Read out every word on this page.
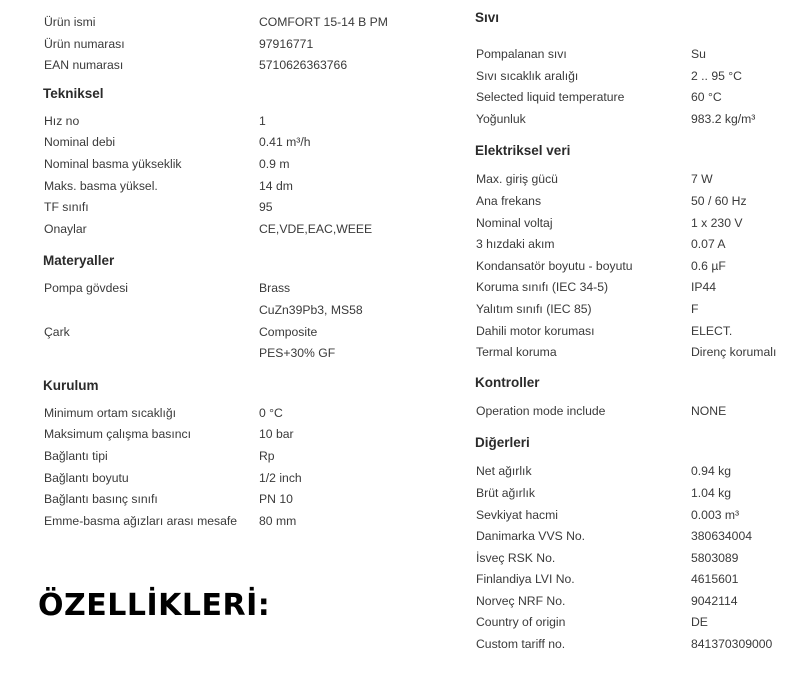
Ürün ismi	COMFORT 15-14 B PM
Ürün numarası	97916771
EAN numarası	5710626363766
Tekniksel
Hız no	1
Nominal debi	0.41 m³/h
Nominal basma yükseklik	0.9 m
Maks. basma yüksel.	14 dm
TF sınıfı	95
Onaylar	CE,VDE,EAC,WEEE
Materyaller
Pompa gövdesi	Brass
CuZn39Pb3, MS58
Çark	Composite
PES+30% GF
Kurulum
Minimum ortam sıcaklığı	0 °C
Maksimum çalışma basıncı	10 bar
Bağlantı tipi	Rp
Bağlantı boyutu	1/2 inch
Bağlantı basınç sınıfı	PN 10
Emme-basma ağızları arası mesafe 80 mm
Sıvı
Pompalanan sıvı	Su
Sıvı sıcaklık aralığı	2 .. 95 °C
Selected liquid temperature	60 °C
Yoğunluk	983.2 kg/m³
Elektriksel veri
Max. giriş gücü	7 W
Ana frekans	50 / 60 Hz
Nominal voltaj	1 x 230 V
3 hızdaki akım	0.07 A
Kondansatör boyutu - boyutu	0.6 µF
Koruma sınıfı (IEC 34-5)	IP44
Yalıtım sınıfı (IEC 85)	F
Dahili motor koruması	ELECT.
Termal koruma	Direnç korumalı
Kontroller
Operation mode include	NONE
Diğerleri
Net ağırlık	0.94 kg
Brüt ağırlık	1.04 kg
Sevkiyat hacmi	0.003 m³
Danimarka VVS No.	380634004
İsveç RSK No.	5803089
Finlandiya LVI No.	4615601
Norveç NRF No.	9042114
Country of origin	DE
Custom tariff no.	841370309000
ÖZELLİKLERİ:
